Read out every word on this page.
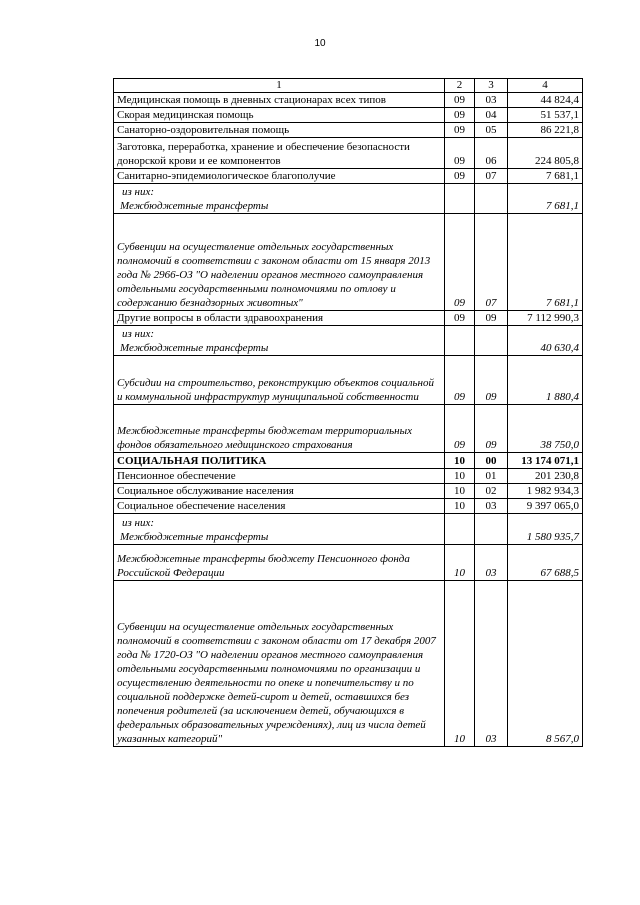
10
1	2	3	4
Медицинская помощь в дневных стационарах всех типов	09	03	44 824,4
Скорая медицинская помощь	09	04	51 537,1
Санаторно-оздоровительная помощь	09	05	86 221,8
Заготовка, переработка, хранение и обеспечение безопасности донорской крови и ее компонентов	09	06	224 805,8
Санитарно-эпидемиологическое благополучие	09	07	7 681,1

из них:
Межбюджетные трансферты			7 681,1
Субвенции на осуществление отдельных государственных полномочий в соответствии с законом области от 15 января 2013 года № 2966-ОЗ "О наделении органов местного самоуправления отдельными государственными полномочиями по отлову и содержанию безнадзорных животных"	09	07	7 681,1
Другие вопросы в области здравоохранения	09	09	7 112 990,3

из них:
Межбюджетные трансферты			40 630,4
Субсидии на строительство, реконструкцию объектов социальной и коммунальной инфраструктур муниципальной собственности	09	09	1 880,4
Межбюджетные трансферты бюджетам территориальных фондов обязательного медицинского страхования	09	09	38 750,0
СОЦИАЛЬНАЯ ПОЛИТИКА	10	00	13 174 071,1
Пенсионное обеспечение	10	01	201 230,8
Социальное обслуживание населения	10	02	1 982 934,3
Социальное обеспечение населения	10	03	9 397 065,0

из них:
Межбюджетные трансферты			1 580 935,7
Межбюджетные трансферты бюджету Пенсионного фонда Российской Федерации	10	03	67 688,5
Субвенции на осуществление отдельных государственных полномочий в соответствии с законом области от 17 декабря 2007 года № 1720-ОЗ "О наделении органов местного самоуправления отдельными государственными полномочиями по организации и осуществлению деятельности по опеке и попечительству и по социальной поддержке детей-сирот и детей, оставшихся без попечения родителей (за исключением детей, обучающихся в федеральных образовательных учреждениях), лиц из числа детей указанных категорий"	10	03	8 567,0
